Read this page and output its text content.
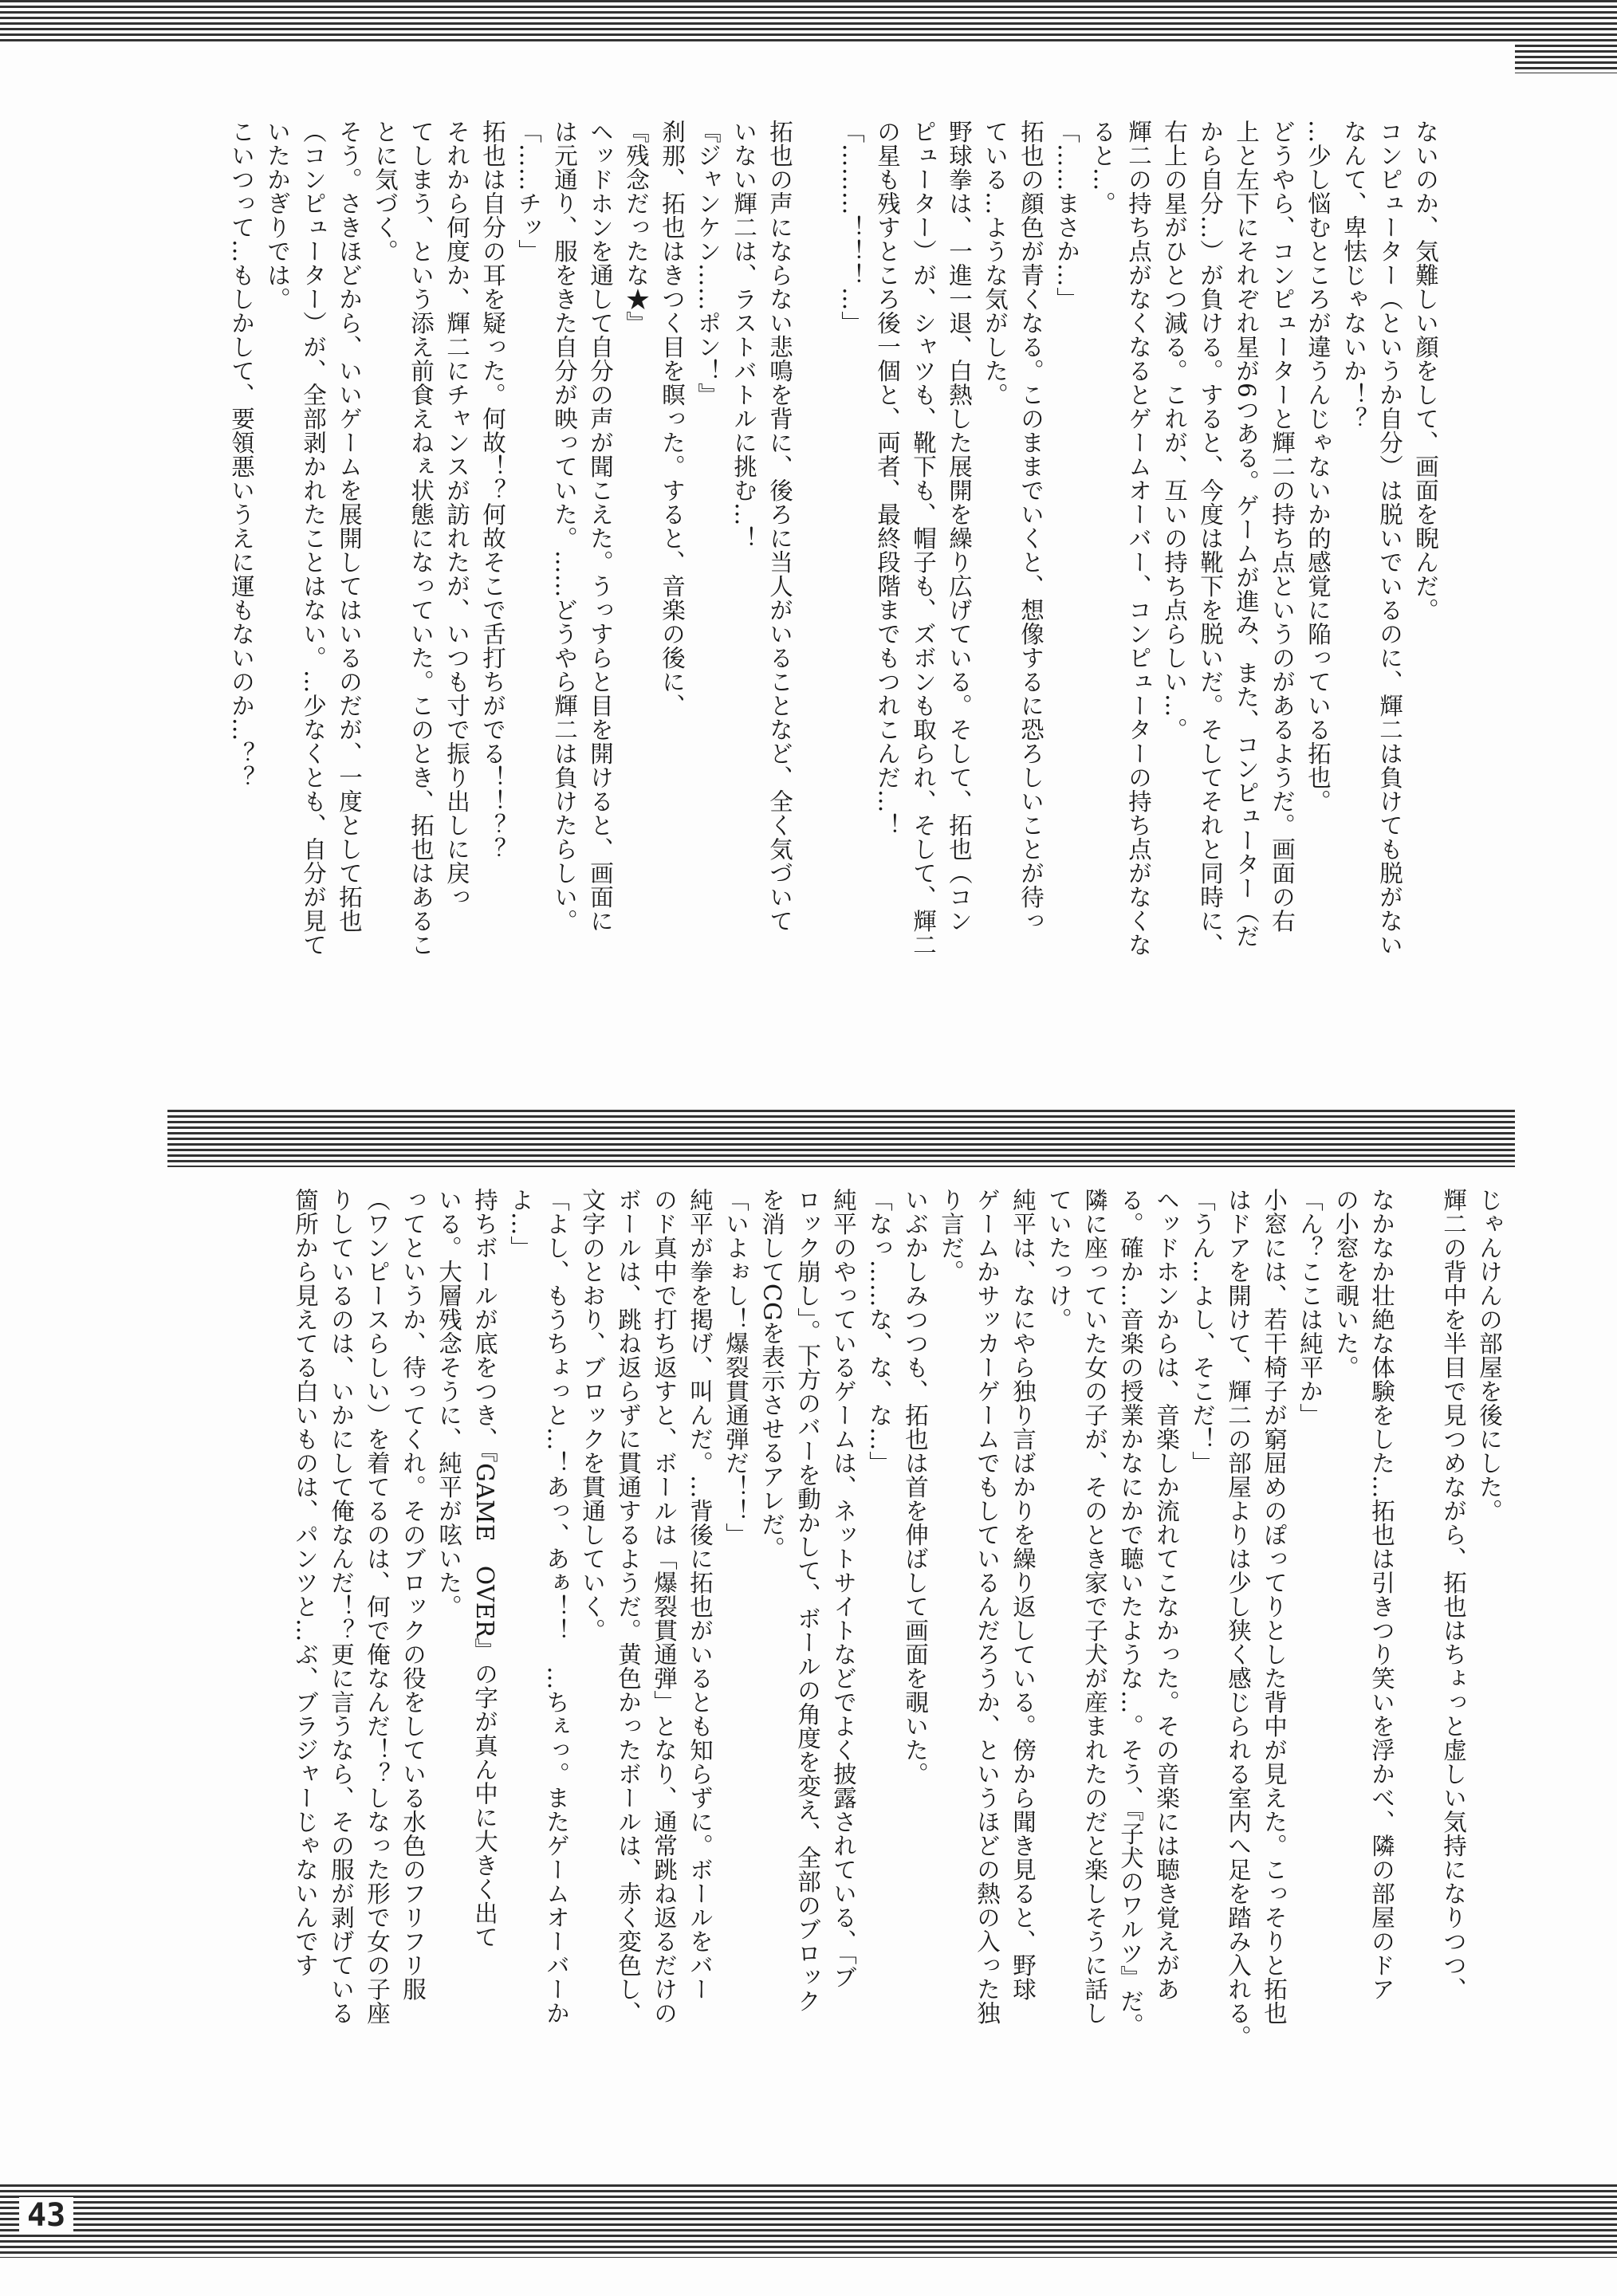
ないのか、気難しい顔をして、画面を睨んだ。
コンピューター（というか自分）は脱いでいるのに、輝二は負けても脱がない
なんて、卑怯じゃないか！？
…少し悩むところが違うんじゃないか的感覚に陥っている拓也。
どうやら、コンピューターと輝二の持ち点というのがあるようだ。画面の右
上と左下にそれぞれ星が6つある。ゲームが進み、また、コンピューター（だ
から自分…）が負ける。すると、今度は靴下を脱いだ。そしてそれと同時に、
右上の星がひとつ減る。これが、互いの持ち点らしい…。
輝二の持ち点がなくなるとゲームオーバー、コンピューターの持ち点がなくな
ると…。
「……まさか…」
拓也の顔色が青くなる。このままでいくと、想像するに恐ろしいことが待っ
ている…ような気がした。
野球拳は、一進一退、白熱した展開を繰り広げている。そして、拓也（コン
ピューター）が、シャツも、靴下も、帽子も、ズボンも取られ、そして、輝二
の星も残すところ後一個と、両者、最終段階までもつれこんだ…！
「………！！！…」

拓也の声にならない悲鳴を背に、後ろに当人がいることなど、全く気づいて
いない輝二は、ラストバトルに挑む…！
『ジャンケン……ポン！』
刹那、拓也はきつく目を瞑った。すると、音楽の後に、
『残念だったな★』
ヘッドホンを通して自分の声が聞こえた。うっすらと目を開けると、画面に
は元通り、服をきた自分が映っていた。……どうやら輝二は負けたらしい。
「……チッ」
拓也は自分の耳を疑った。何故！？何故そこで舌打ちがでる！！？？
それから何度か、輝二にチャンスが訪れたが、いつも寸で振り出しに戻っ
てしまう、という添え前食えねぇ状態になっていた。このとき、拓也はあるこ
とに気づく。
そう。さきほどから、いいゲームを展開してはいるのだが、一度として拓也
（コンピューター）が、全部剥かれたことはない。…少なくとも、自分が見て
いたかぎりでは。
こいつって…もしかして、要領悪いうえに運もないのか…？？
じゃんけんの部屋を後にした。
輝二の背中を半目で見つめながら、拓也はちょっと虚しい気持になりつつ、

なかなか壮絶な体験をした…拓也は引きつり笑いを浮かべ、隣の部屋のドア
の小窓を覗いた。
「ん？ここは純平か」
小窓には、若干椅子が窮屈めのぽってりとした背中が見えた。こっそりと拓也
はドアを開けて、輝二の部屋よりは少し狭く感じられる室内へ足を踏み入れる。
「うん…よし、そこだ！」
ヘッドホンからは、音楽しか流れてこなかった。その音楽には聴き覚えがあ
る。確か…音楽の授業かなにかで聴いたような…。そう、『子犬のワルツ』だ。
隣に座っていた女の子が、そのとき家で子犬が産まれたのだと楽しそうに話し
ていたっけ。
純平は、なにやら独り言ばかりを繰り返している。傍から聞き見ると、野球
ゲームかサッカーゲームでもしているんだろうか、というほどの熱の入った独
り言だ。
いぶかしみつつも、拓也は首を伸ばして画面を覗いた。
「なっ……な、な、な…」
純平のやっているゲームは、ネットサイトなどでよく披露されている、「ブ
ロック崩し」。下方のバーを動かして、ボールの角度を変え、全部のブロック
を消してCGを表示させるアレだ。
「いよぉし！爆裂貫通弾だ！！」
純平が拳を掲げ、叫んだ。…背後に拓也がいるとも知らずに。ボールをバー
のド真中で打ち返すと、ボールは「爆裂貫通弾」となり、通常跳ね返るだけの
ボールは、跳ね返らずに貫通するようだ。黄色かったボールは、赤く変色し、
文字のとおり、ブロックを貫通していく。
「よし、もうちょっと…！あっ、あぁ！！　…ちぇっ。またゲームオーバーか
よ…」
持ちボールが底をつき、『GAME　OVER』の字が真ん中に大きく出て
いる。大層残念そうに、純平が呟いた。
ってというか、待ってくれ。そのブロックの役をしている水色のフリフリ服
（ワンピースらしい）を着てるのは、何で俺なんだ！？しなった形で女の子座
りしているのは、いかにして俺なんだ！？更に言うなら、その服が剥げている
箇所から見えてる白いものは、パンツと…ぶ、ブラジャーじゃないんです
43
